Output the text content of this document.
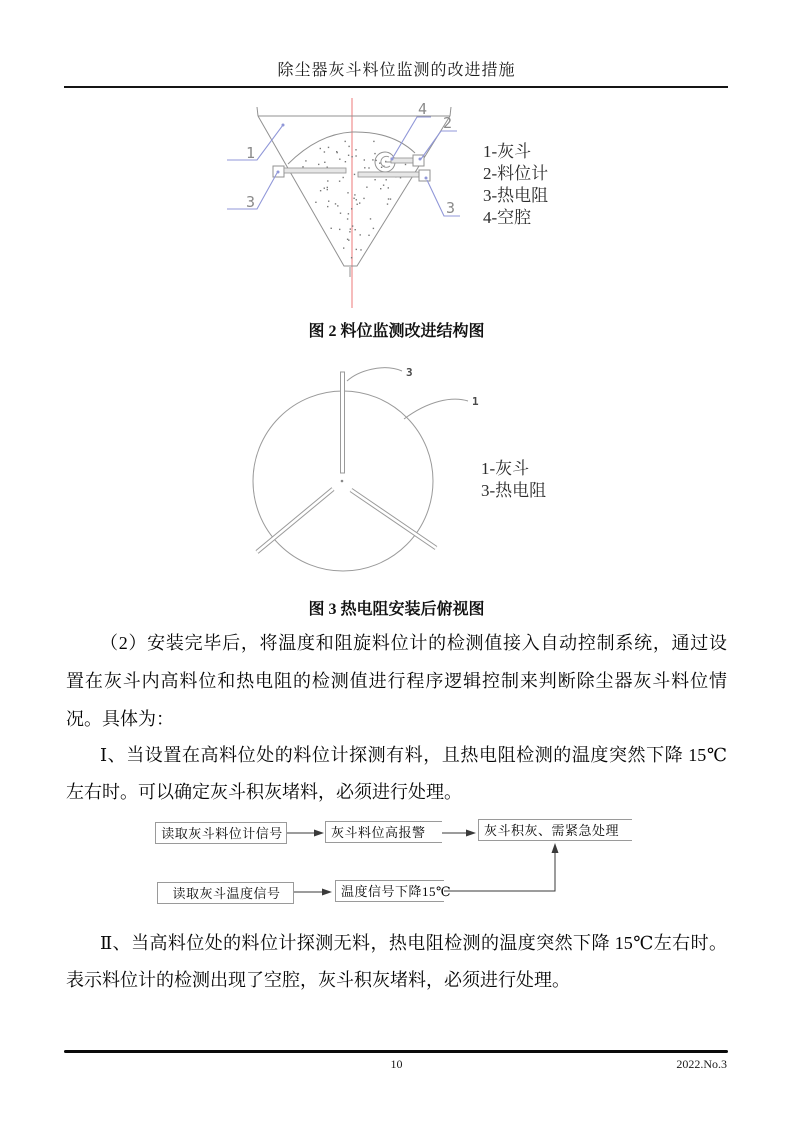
除尘器灰斗料位监测的改进措施
1
3
4
2
3
1-灰斗
2-料位计
3-热电阻
4-空腔
图 2 料位监测改进结构图
3
1
1-灰斗
3-热电阻
图 3 热电阻安装后俯视图
（2）安装完毕后，将温度和阻旋料位计的检测值接入自动控制系统，通过设
置在灰斗内高料位和热电阻的检测值进行程序逻辑控制来判断除尘器灰斗料位情
况。具体为：
Ⅰ、当设置在高料位处的料位计探测有料，且热电阻检测的温度突然下降 15℃
左右时。可以确定灰斗积灰堵料，必须进行处理。
读取灰斗料位计信号	灰斗料位高报警	灰斗积灰、需紧急处理
读取灰斗温度信号	温度信号下降15℃
Ⅱ、当高料位处的料位计探测无料，热电阻检测的温度突然下降 15℃左右时。
表示料位计的检测出现了空腔，灰斗积灰堵料，必须进行处理。
10	2022.No.3
